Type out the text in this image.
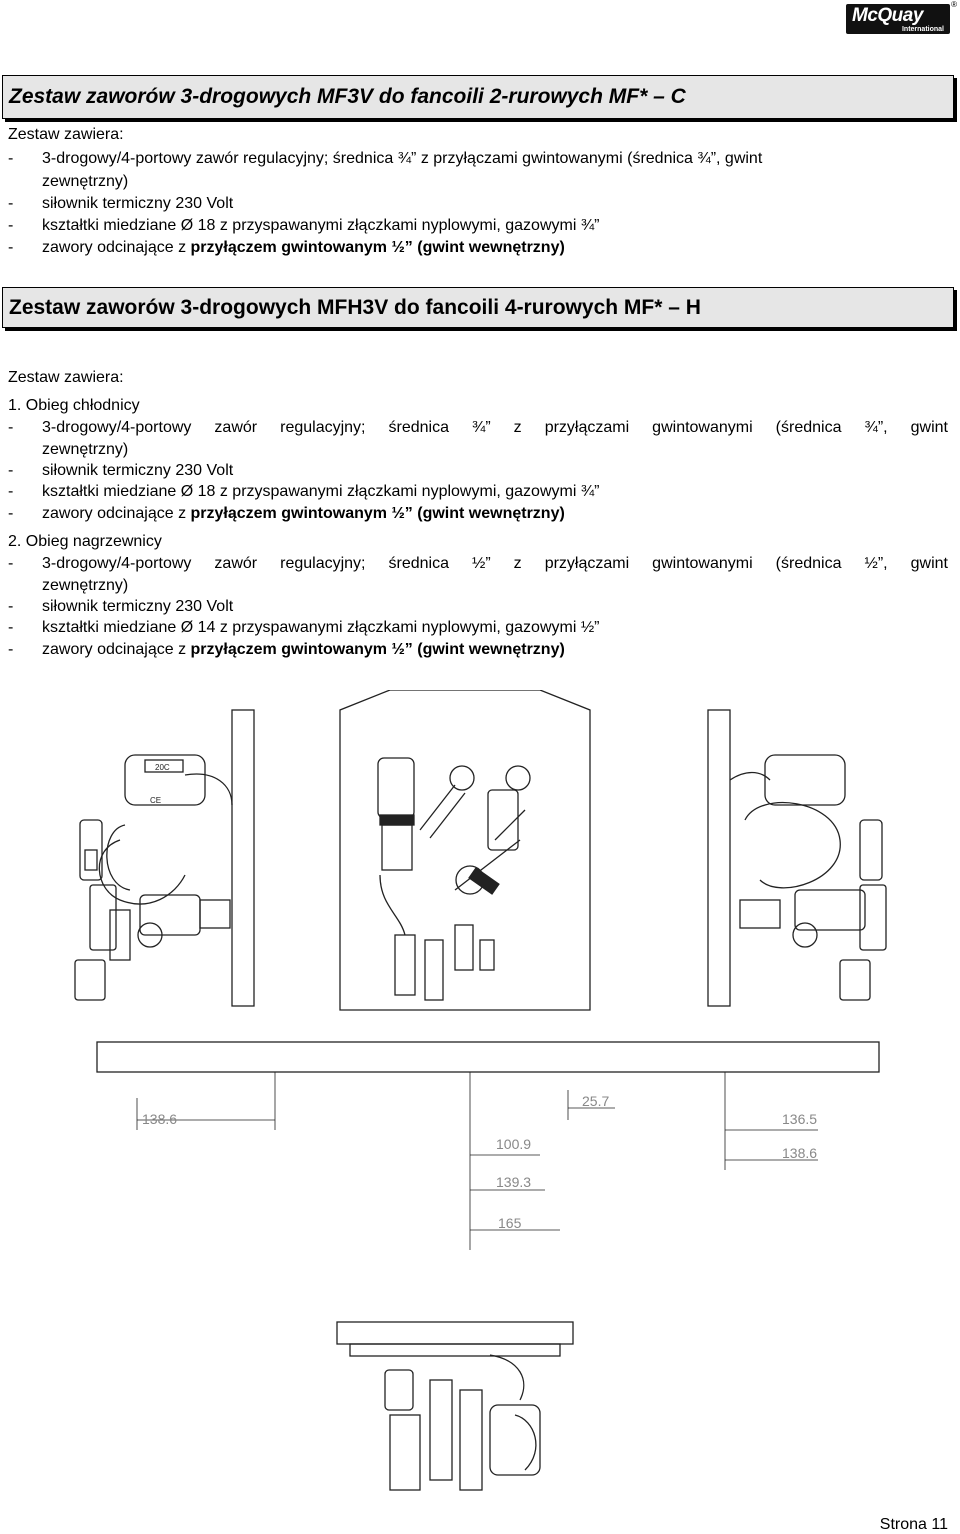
McQuay
International
®
Zestaw zaworów 3-drogowych MF3V do fancoili 2-rurowych MF* – C
Zestaw zawiera:
- 3-drogowy/4-portowy zawór regulacyjny; średnica ¾” z przyłączami gwintowanymi (średnica ¾”, gwint
zewnętrzny)
- siłownik termiczny 230 Volt
- kształtki miedziane Ø 18 z przyspawanymi złączkami nyplowymi, gazowymi ¾”
- zawory odcinające z przyłączem gwintowanym ½” (gwint wewnętrzny)
Zestaw zaworów 3-drogowych MFH3V do fancoili 4-rurowych MF* – H
Zestaw zawiera:
1. Obieg chłodnicy
- 3-drogowy/4-portowy zawór regulacyjny; średnica ¾” z przyłączami gwintowanymi (średnica ¾”, gwint
zewnętrzny)
- siłownik termiczny 230 Volt
- kształtki miedziane Ø 18 z przyspawanymi złączkami nyplowymi, gazowymi ¾”
- zawory odcinające z przyłączem gwintowanym ½” (gwint wewnętrzny)
2. Obieg nagrzewnicy
- 3-drogowy/4-portowy zawór regulacyjny; średnica ½” z przyłączami gwintowanymi (średnica ½”, gwint
zewnętrzny)
- siłownik termiczny 230 Volt
- kształtki miedziane Ø 14 z przyspawanymi złączkami nyplowymi, gazowymi ½”
- zawory odcinające z przyłączem gwintowanym ½” (gwint wewnętrzny)
20C
CE
25.7
138.6
100.9
139.3
165
136.5
138.6
Strona 11
